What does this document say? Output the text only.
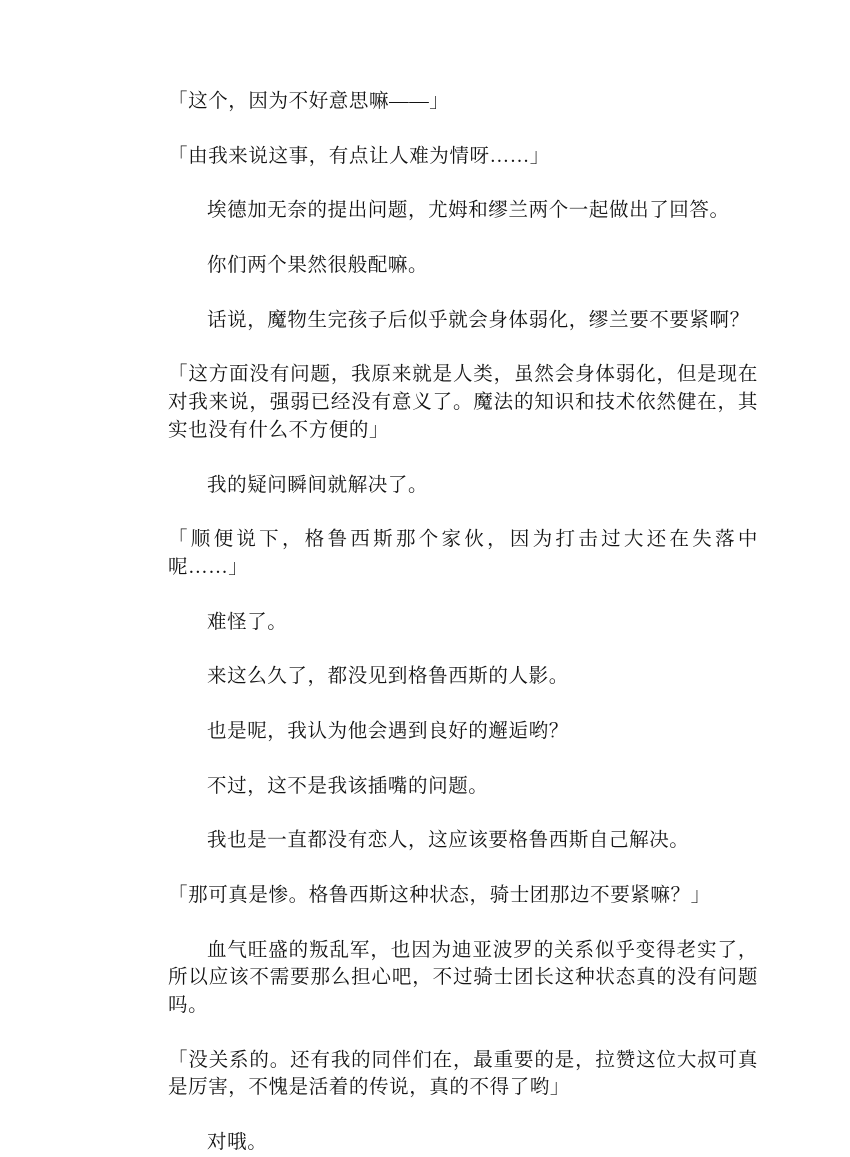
「这个，因为不好意思嘛——」

「由我来说这事，有点让人难为情呀……」

埃德加无奈的提出问题，尤姆和缪兰两个一起做出了回答。

你们两个果然很般配嘛。

话说，魔物生完孩子后似乎就会身体弱化，缪兰要不要紧啊？

「这方面没有问题，我原来就是人类，虽然会身体弱化，但是现在对我来说，强弱已经没有意义了。魔法的知识和技术依然健在，其实也没有什么不方便的」

我的疑问瞬间就解决了。

「顺便说下，格鲁西斯那个家伙，因为打击过大还在失落中呢……」

难怪了。

来这么久了，都没见到格鲁西斯的人影。

也是呢，我认为他会遇到良好的邂逅哟？

不过，这不是我该插嘴的问题。

我也是一直都没有恋人，这应该要格鲁西斯自己解决。

「那可真是惨。格鲁西斯这种状态，骑士团那边不要紧嘛？」

血气旺盛的叛乱军，也因为迪亚波罗的关系似乎变得老实了，所以应该不需要那么担心吧，不过骑士团长这种状态真的没有问题吗。

「没关系的。还有我的同伴们在，最重要的是，拉赞这位大叔可真是厉害，不愧是活着的传说，真的不得了哟」

对哦。
